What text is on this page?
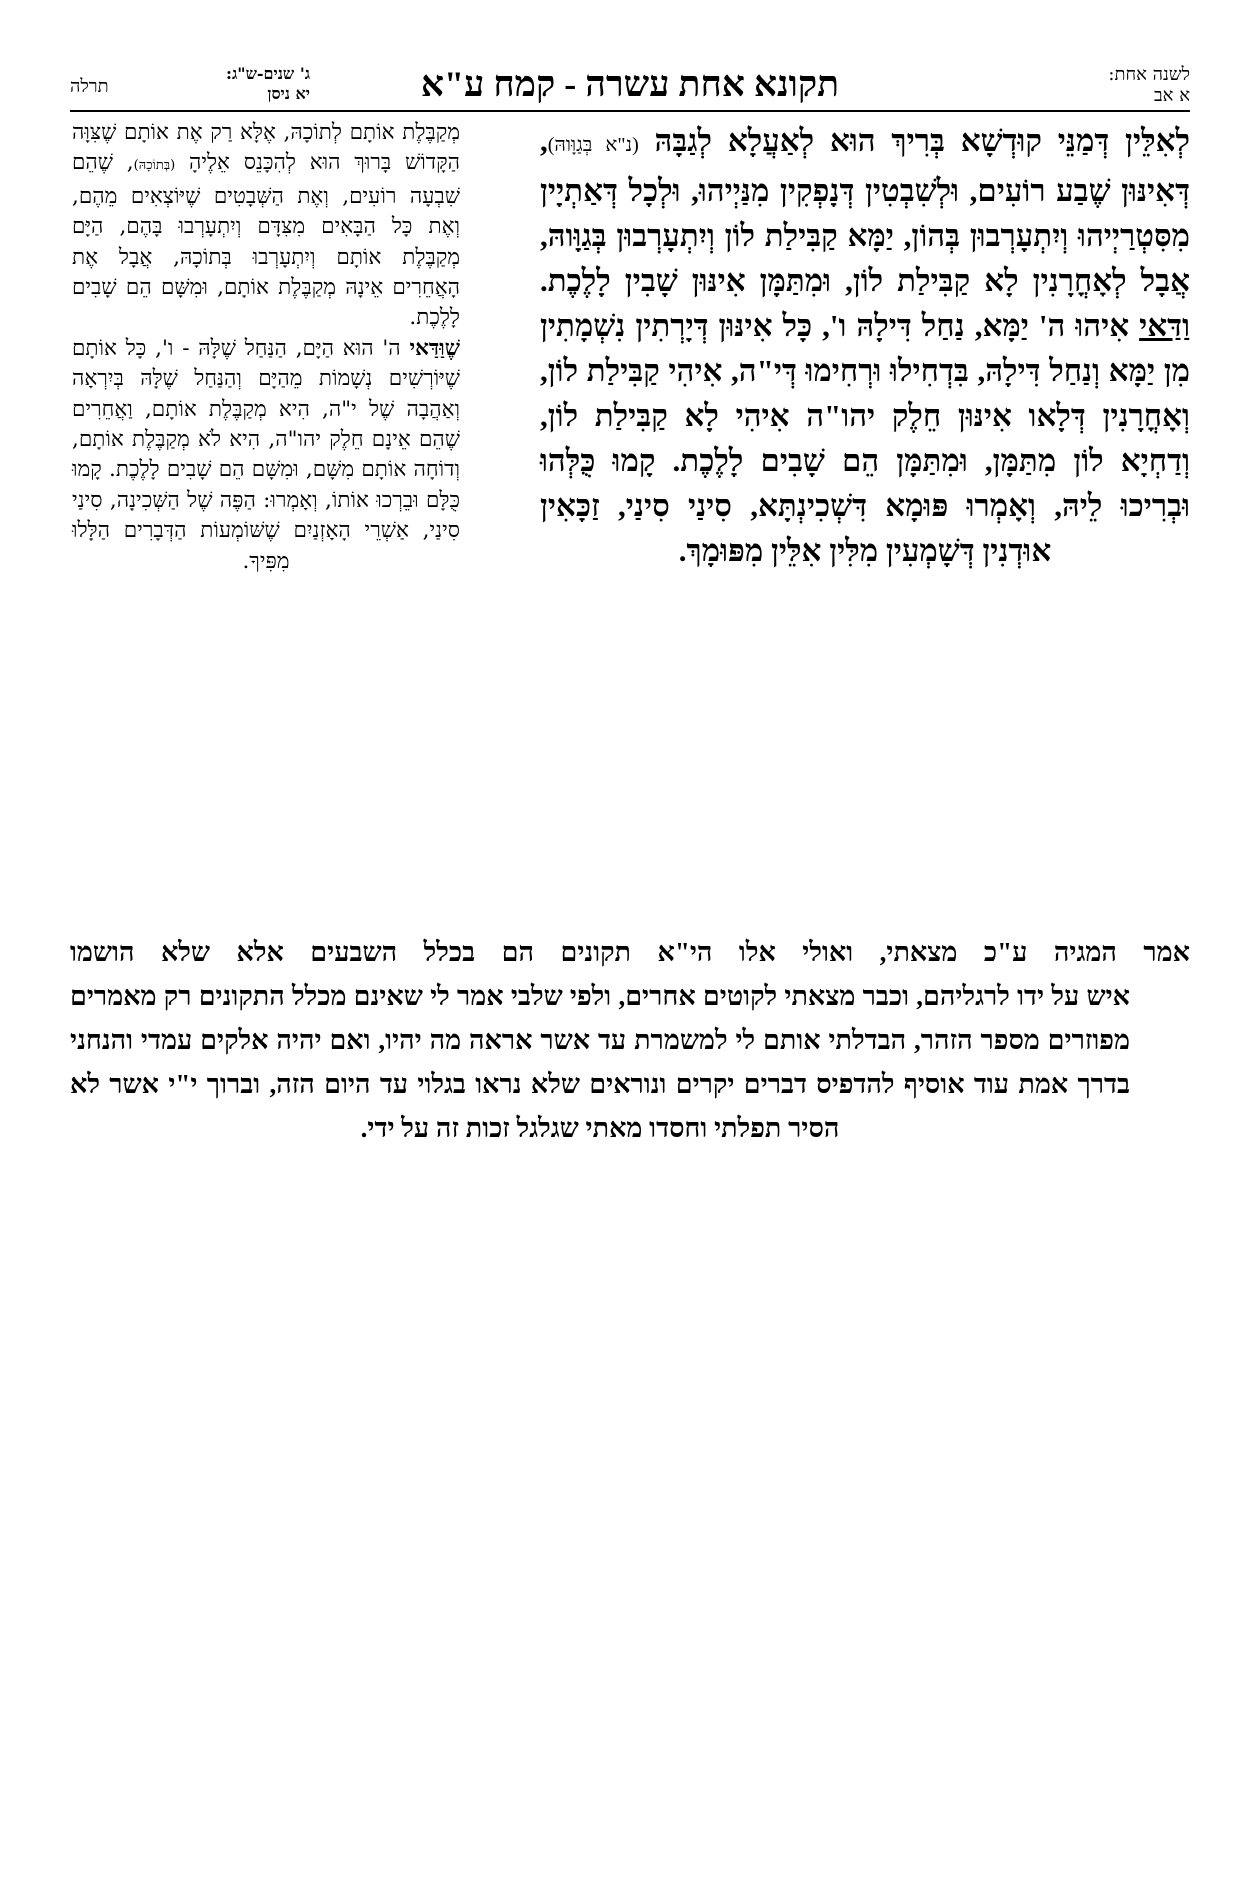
לשנה אחת:
א אב
תקונא אחת עשרה - קמח ע"א
ג' שנים-ש"ג:
יא ניסן
תרלה

לְאִלֵּין דְּמַנֵּי קוּדְשָׁא בְּרִיךְ הוּא לְאַעֲלָא לְגַבָּהּ (נ"א בְּגַוָּוהּ), דְּאִינּוּן שֶׁבַע רוֹעִים, וּלְשִׁבְטִין דְּנָפְקִין מִנַּיְיהוּ, וּלְכָל דְּאַתְיָין מִסִּטְרַיְיהוּ וְיִתְעָרְבוּן בְּהוֹן, יַמָּא קַבִּילַת לוֹן וְיִתְעָרְבוּן בְּגַוָּוהּ, אֲבָל לְאָחֳרָנִין לָא קַבִּילַת לוֹן, וּמִתַּמָּן אִינּוּן שָׁבִין לָלֶכֶת.

וַדַּאי אִיהוּ ה' יַמָּא, נַחַל דִּילָהּ ו', כָּל אִינּוּן דְּיָרְתִין נִשְׁמָתִין מִן יַמָּא וְנַחַל דִּילָהּ, בִּדְחִילוּ וּרְחִימוּ דְּי"ה, אִיהִי קַבִּילַת לוֹן, וְאָחֳרָנִין דְּלָאו אִינּוּן חֵלֶק יהו"ה אִיהִי לָא קַבִּילַת לוֹן, וְדַחְיָא לוֹן מִתַּמָּן, וּמִתַּמָּן הֵם שָׁבִים לָלֶכֶת. קָמוּ כֻּלְּהוּ וּבְרִיכוּ לֵיהּ, וְאָמְרוּ פּוּמָא דִּשְׁכִינְתָּא, סִינַי סִינַי, זַכָּאִין אוּדְנִין דְּשָׁמְעִין מִלִּין אִלֵּין מִפּוּמָךְ.

מְקַבֶּלֶת אוֹתָם לְתוֹכָהּ, אֶלָּא רַק אֶת אוֹתָם שֶׁצִּוָּה הַקָּדוֹשׁ בָּרוּךְ הוּא לְהִכָּנֵס אֵלֶיהָ (בְּתוֹכָהּ), שֶׁהֵם שִׁבְעָה רוֹעִים, וְאֶת הַשְּׁבָטִים שֶׁיּוֹצְאִים מֵהֶם, וְאֶת כָּל הַבָּאִים מִצִּדָּם וְיִתְעָרְבוּ בָּהֶם, הַיָּם מְקַבֶּלֶת אוֹתָם וְיִתְעָרְבוּ בְּתוֹכָהּ, אֲבָל אֶת הָאֲחֵרִים אֵינָהּ מְקַבֶּלֶת אוֹתָם, וּמִשָּׁם הֵם שָׁבִים לָלֶכֶת.

שֶׁוַּדַּאי ה' הוּא הַיָּם, הַנַּחַל שֶׁלָּהּ - ו', כָּל אוֹתָם שֶׁיּוֹרְשִׁים נְשָׁמוֹת מֵהַיָּם וְהַנַּחַל שֶׁלָּהּ בְּיִרְאָה וְאַהֲבָה שֶׁל י"ה, הִיא מְקַבֶּלֶת אוֹתָם, וַאֲחֵרִים שֶׁהֵם אֵינָם חֵלֶק יהו"ה, הִיא לֹא מְקַבֶּלֶת אוֹתָם, וְדוֹחָה אוֹתָם מִשָּׁם, וּמִשָּׁם הֵם שָׁבִים לָלֶכֶת. קָמוּ כֻּלָּם וּבֵרְכוּ אוֹתוֹ, וְאָמְרוּ: הַפֶּה שֶׁל הַשְּׁכִינָה, סִינַי סִינַי, אַשְׁרֵי הָאָזְנַיִם שֶׁשּׁוֹמְעוֹת הַדְּבָרִים הַלָּלוּ מִפִּיךָ.

אמר המגיה ע"כ מצאתי, ואולי אלו הי"א תקונים הם בכלל השבעים אלא שלא הושמו

איש על ידו לרגליהם, וכבר מצאתי לקוטים אחרים, ולפי שלבי אמר לי שאינם מכלל התקונים רק מאמרים מפוזרים מספר הזהר, הבדלתי אותם לי למשמרת עד אשר אראה מה יהיו, ואם יהיה אלקים עמדי והנחני בדרך אמת עוד אוסיף להדפיס דברים יקרים ונוראים שלא נראו בגלוי עד היום הזה, וברוך י"י אשר לא הסיר תפלתי וחסדו מאתי שגלגל זכות זה על ידי.
